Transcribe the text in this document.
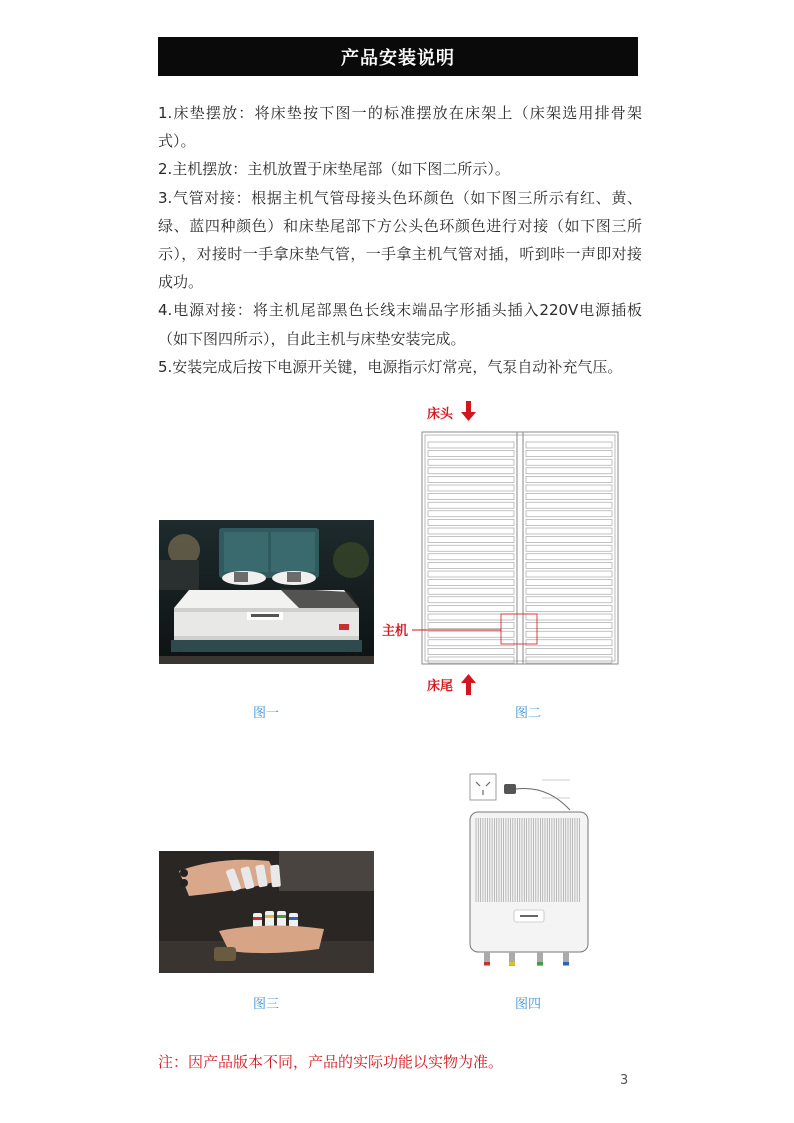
产品安装说明

1.床垫摆放：将床垫按下图一的标准摆放在床架上（床架选用排骨架式）。

2.主机摆放：主机放置于床垫尾部（如下图二所示）。

3.气管对接：根据主机气管母接头色环颜色（如下图三所示有红、黄、绿、蓝四种颜色）和床垫尾部下方公头色环颜色进行对接（如下图三所示），对接时一手拿床垫气管，一手拿主机气管对插，听到咔一声即对接成功。

4.电源对接：将主机尾部黑色长线末端品字形插头插入220V电源插板（如下图四所示），自此主机与床垫安装完成。

5.安装完成后按下电源开关键，电源指示灯常亮，气泵自动补充气压。

床头
主机
床尾
图一	图二
图三	图四
注：因产品版本不同，产品的实际功能以实物为准。
3
